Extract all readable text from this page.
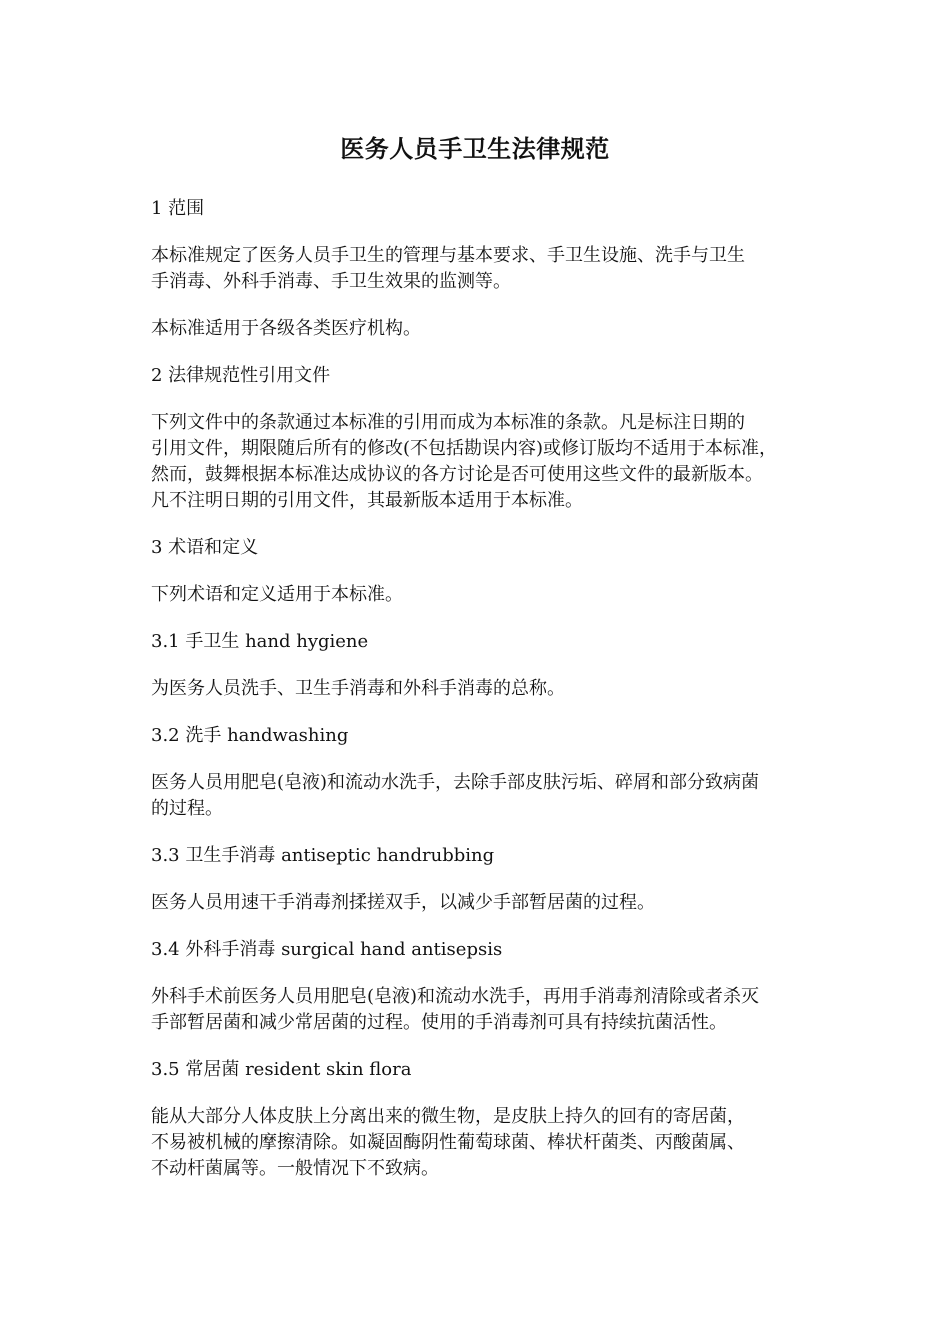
医务人员手卫生法律规范
1 范围
本标准规定了医务人员手卫生的管理与基本要求、手卫生设施、洗手与卫生
手消毒、外科手消毒、手卫生效果的监测等。
本标准适用于各级各类医疗机构。
2 法律规范性引用文件
下列文件中的条款通过本标准的引用而成为本标准的条款。凡是标注日期的
引用文件，期限随后所有的修改(不包括勘误内容)或修订版均不适用于本标准，
然而，鼓舞根据本标准达成协议的各方讨论是否可使用这些文件的最新版本。
凡不注明日期的引用文件，其最新版本适用于本标准。
3 术语和定义
下列术语和定义适用于本标准。
3.1 手卫生 hand hygiene
为医务人员洗手、卫生手消毒和外科手消毒的总称。
3.2 洗手 handwashing
医务人员用肥皂(皂液)和流动水洗手，去除手部皮肤污垢、碎屑和部分致病菌
的过程。
3.3 卫生手消毒 antiseptic handrubbing
医务人员用速干手消毒剂揉搓双手，以减少手部暂居菌的过程。
3.4 外科手消毒 surgical hand antisepsis
外科手术前医务人员用肥皂(皂液)和流动水洗手，再用手消毒剂清除或者杀灭
手部暂居菌和减少常居菌的过程。使用的手消毒剂可具有持续抗菌活性。
3.5 常居菌 resident skin flora
能从大部分人体皮肤上分离出来的微生物，是皮肤上持久的回有的寄居菌，
不易被机械的摩擦清除。如凝固酶阴性葡萄球菌、棒状杆菌类、丙酸菌属、
不动杆菌属等。一般情况下不致病。
